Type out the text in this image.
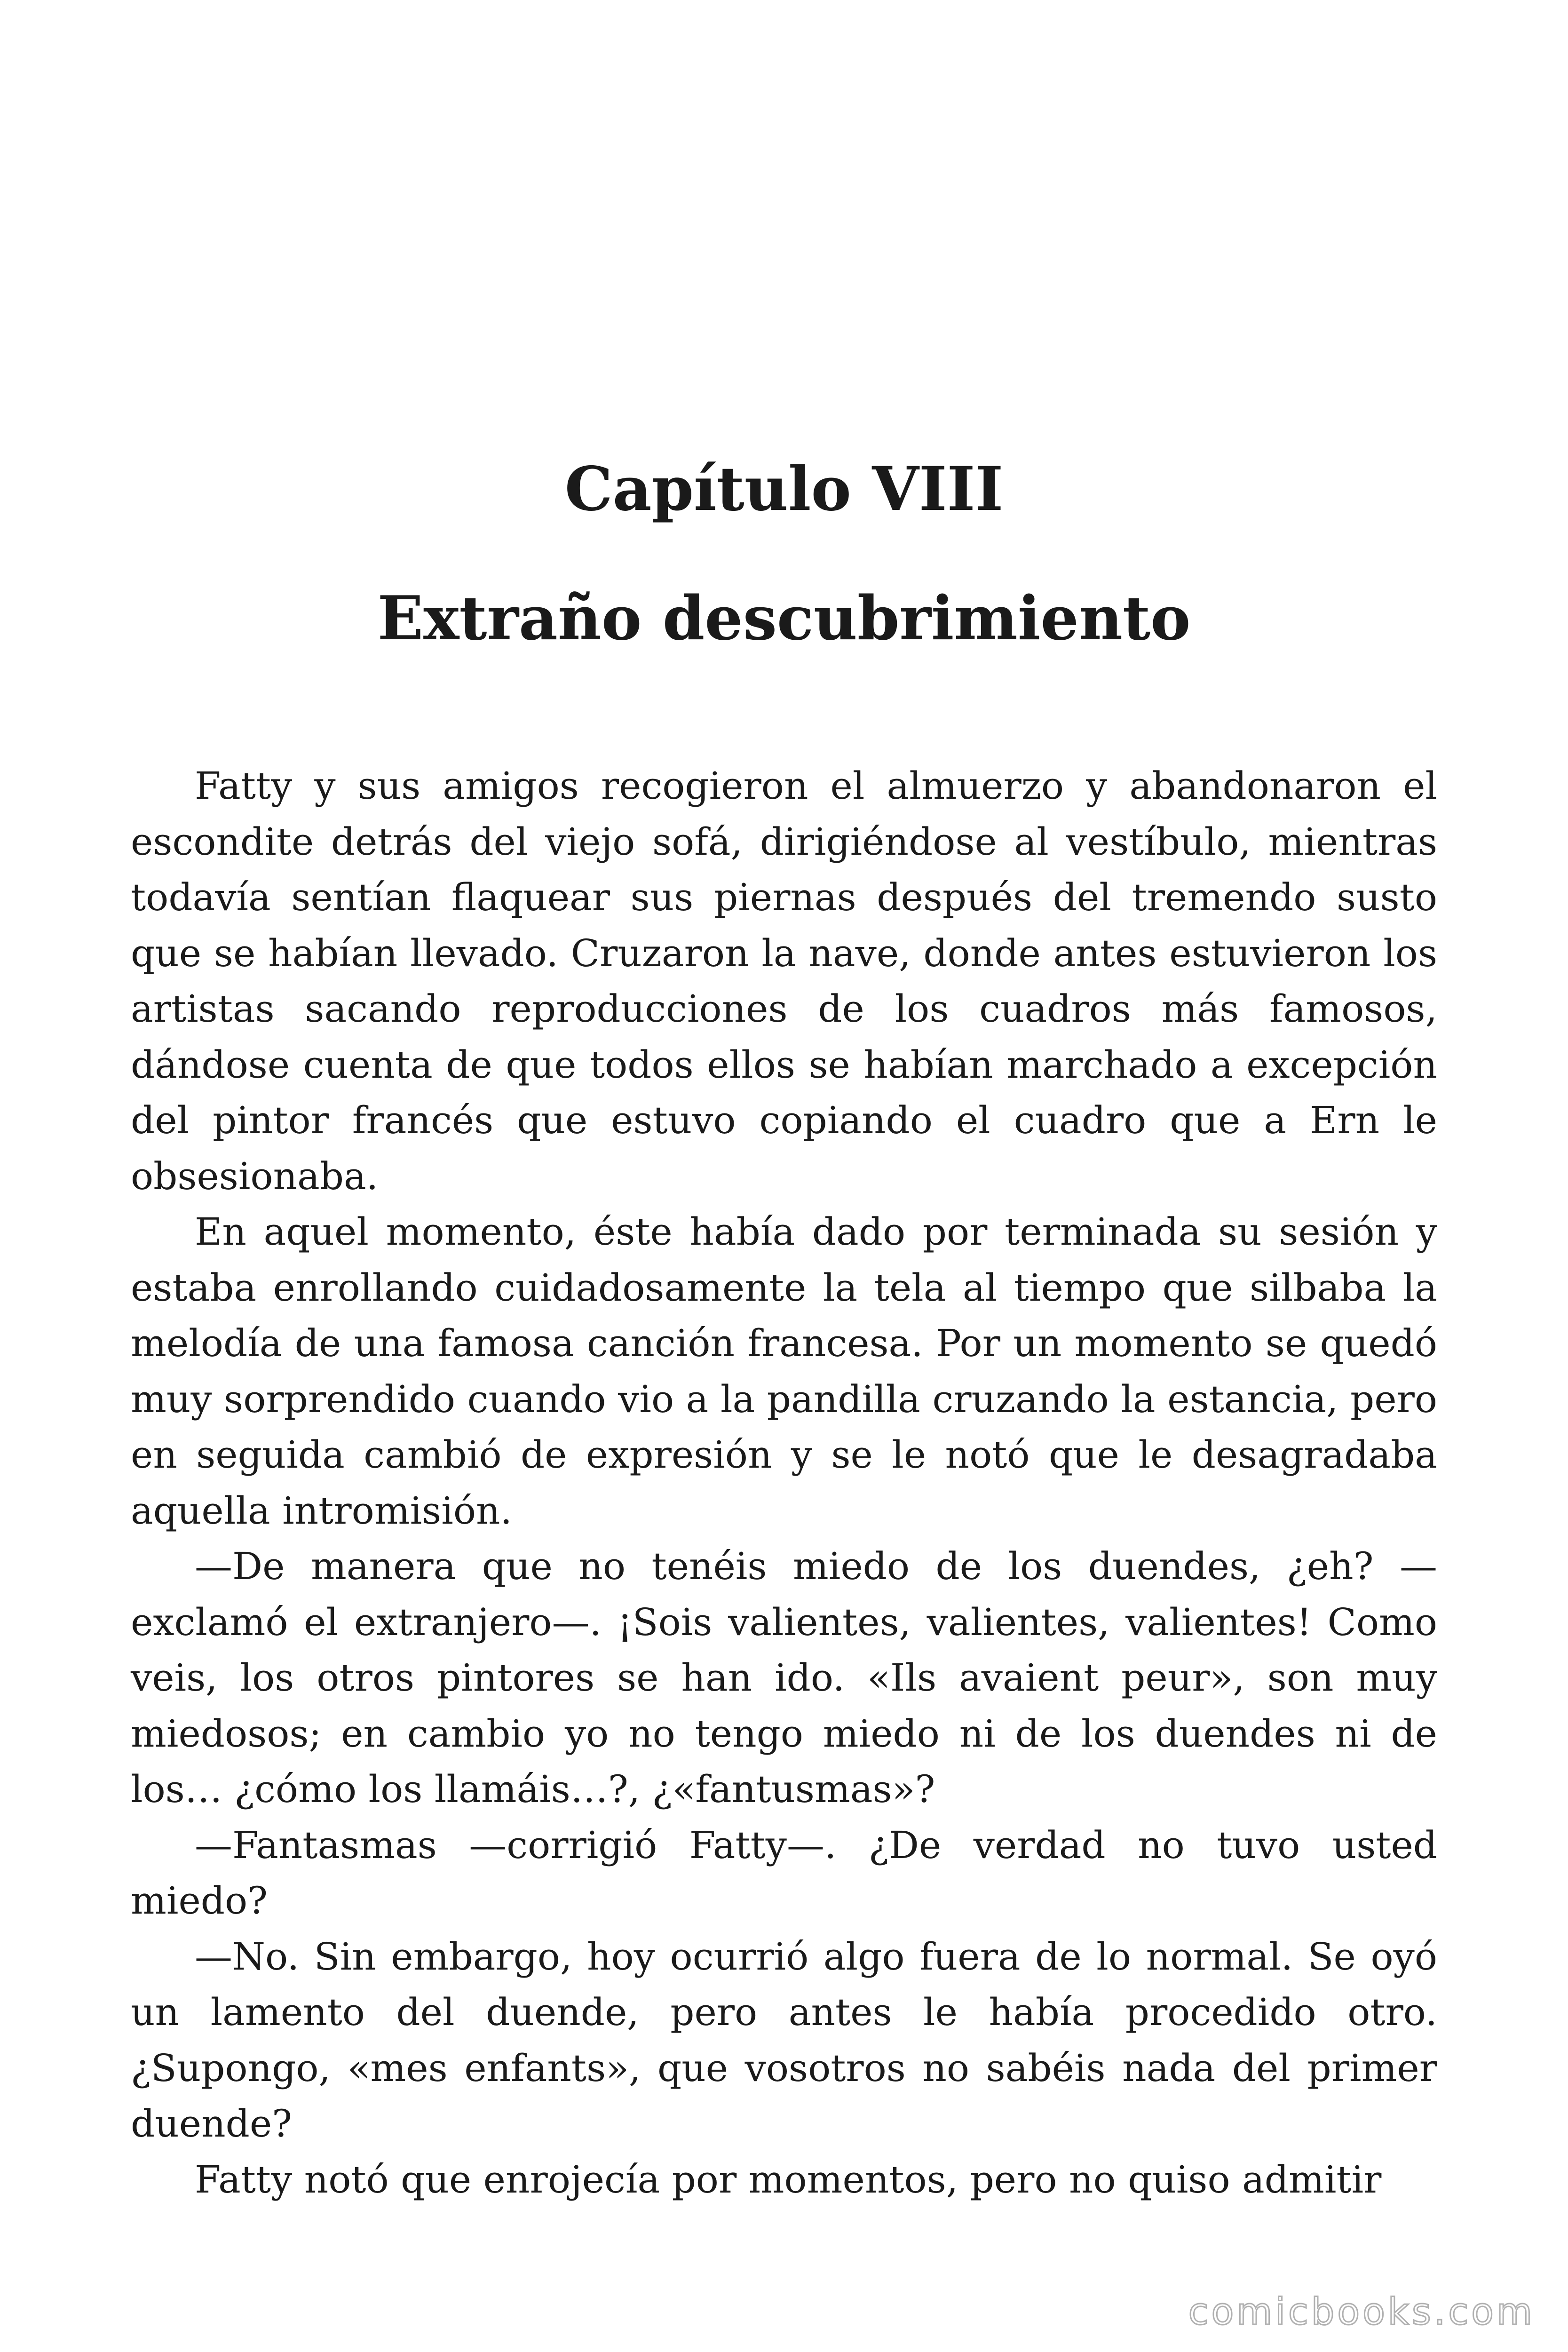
Capítulo VIII
Extraño descubrimiento

Fatty y sus amigos recogieron el almuerzo y abandonaron el escondite detrás del viejo sofá, dirigiéndose al vestíbulo, mientras todavía sentían flaquear sus piernas después del tremendo susto que se habían llevado. Cruzaron la nave, donde antes estuvieron los artistas sacando reproducciones de los cuadros más famosos, dándose cuenta de que todos ellos se habían marchado a excepción del pintor francés que estuvo copiando el cuadro que a Ern le obsesionaba.

En aquel momento, éste había dado por terminada su sesión y estaba enrollando cuidadosamente la tela al tiempo que silbaba la melodía de una famosa canción francesa. Por un momento se quedó muy sorprendido cuando vio a la pandilla cruzando la estancia, pero en seguida cambió de expresión y se le notó que le desagradaba aquella intromisión.

—De manera que no tenéis miedo de los duendes, ¿eh? —exclamó el extranjero—. ¡Sois valientes, valientes, valientes! Como veis, los otros pintores se han ido. «Ils avaient peur», son muy miedosos; en cambio yo no tengo miedo ni de los duendes ni de los… ¿cómo los llamáis…?, ¿«fantusmas»?

—Fantasmas —corrigió Fatty—. ¿De verdad no tuvo usted miedo?

—No. Sin embargo, hoy ocurrió algo fuera de lo normal. Se oyó un lamento del duende, pero antes le había procedido otro. ¿Supongo, «mes enfants», que vosotros no sabéis nada del primer duende?

Fatty notó que enrojecía por momentos, pero no quiso admitir

comicbooks.com
